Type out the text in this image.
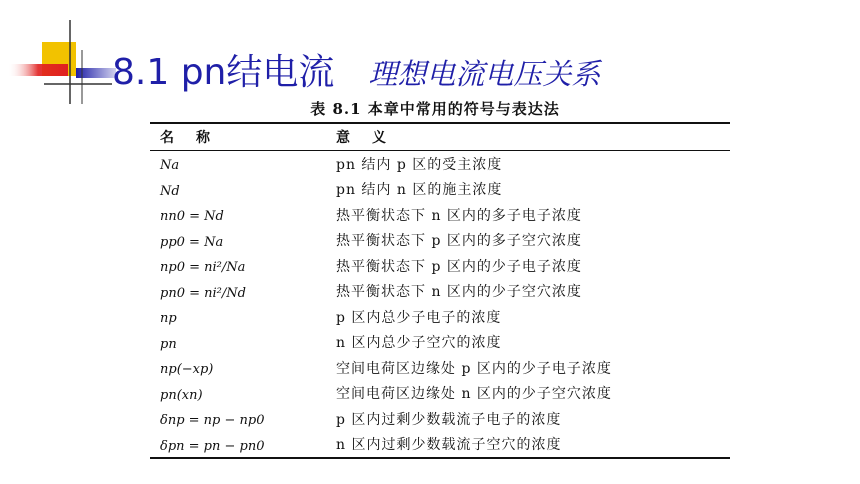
8.1 pn结电流 理想电流电压关系
表 8.1 本章中常用的符号与表达法
名称	意义
Na	pn 结内 p 区的受主浓度
Nd	pn 结内 n 区的施主浓度
nn0 = Nd	热平衡状态下 n 区内的多子电子浓度
pp0 = Na	热平衡状态下 p 区内的多子空穴浓度
np0 = ni²/Na	热平衡状态下 p 区内的少子电子浓度
pn0 = ni²/Nd	热平衡状态下 n 区内的少子空穴浓度
np	p 区内总少子电子的浓度
pn	n 区内总少子空穴的浓度
np(−xp)	空间电荷区边缘处 p 区内的少子电子浓度
pn(xn)	空间电荷区边缘处 n 区内的少子空穴浓度
δnp = np − np0	p 区内过剩少数载流子电子的浓度
δpn = pn − pn0	n 区内过剩少数载流子空穴的浓度
